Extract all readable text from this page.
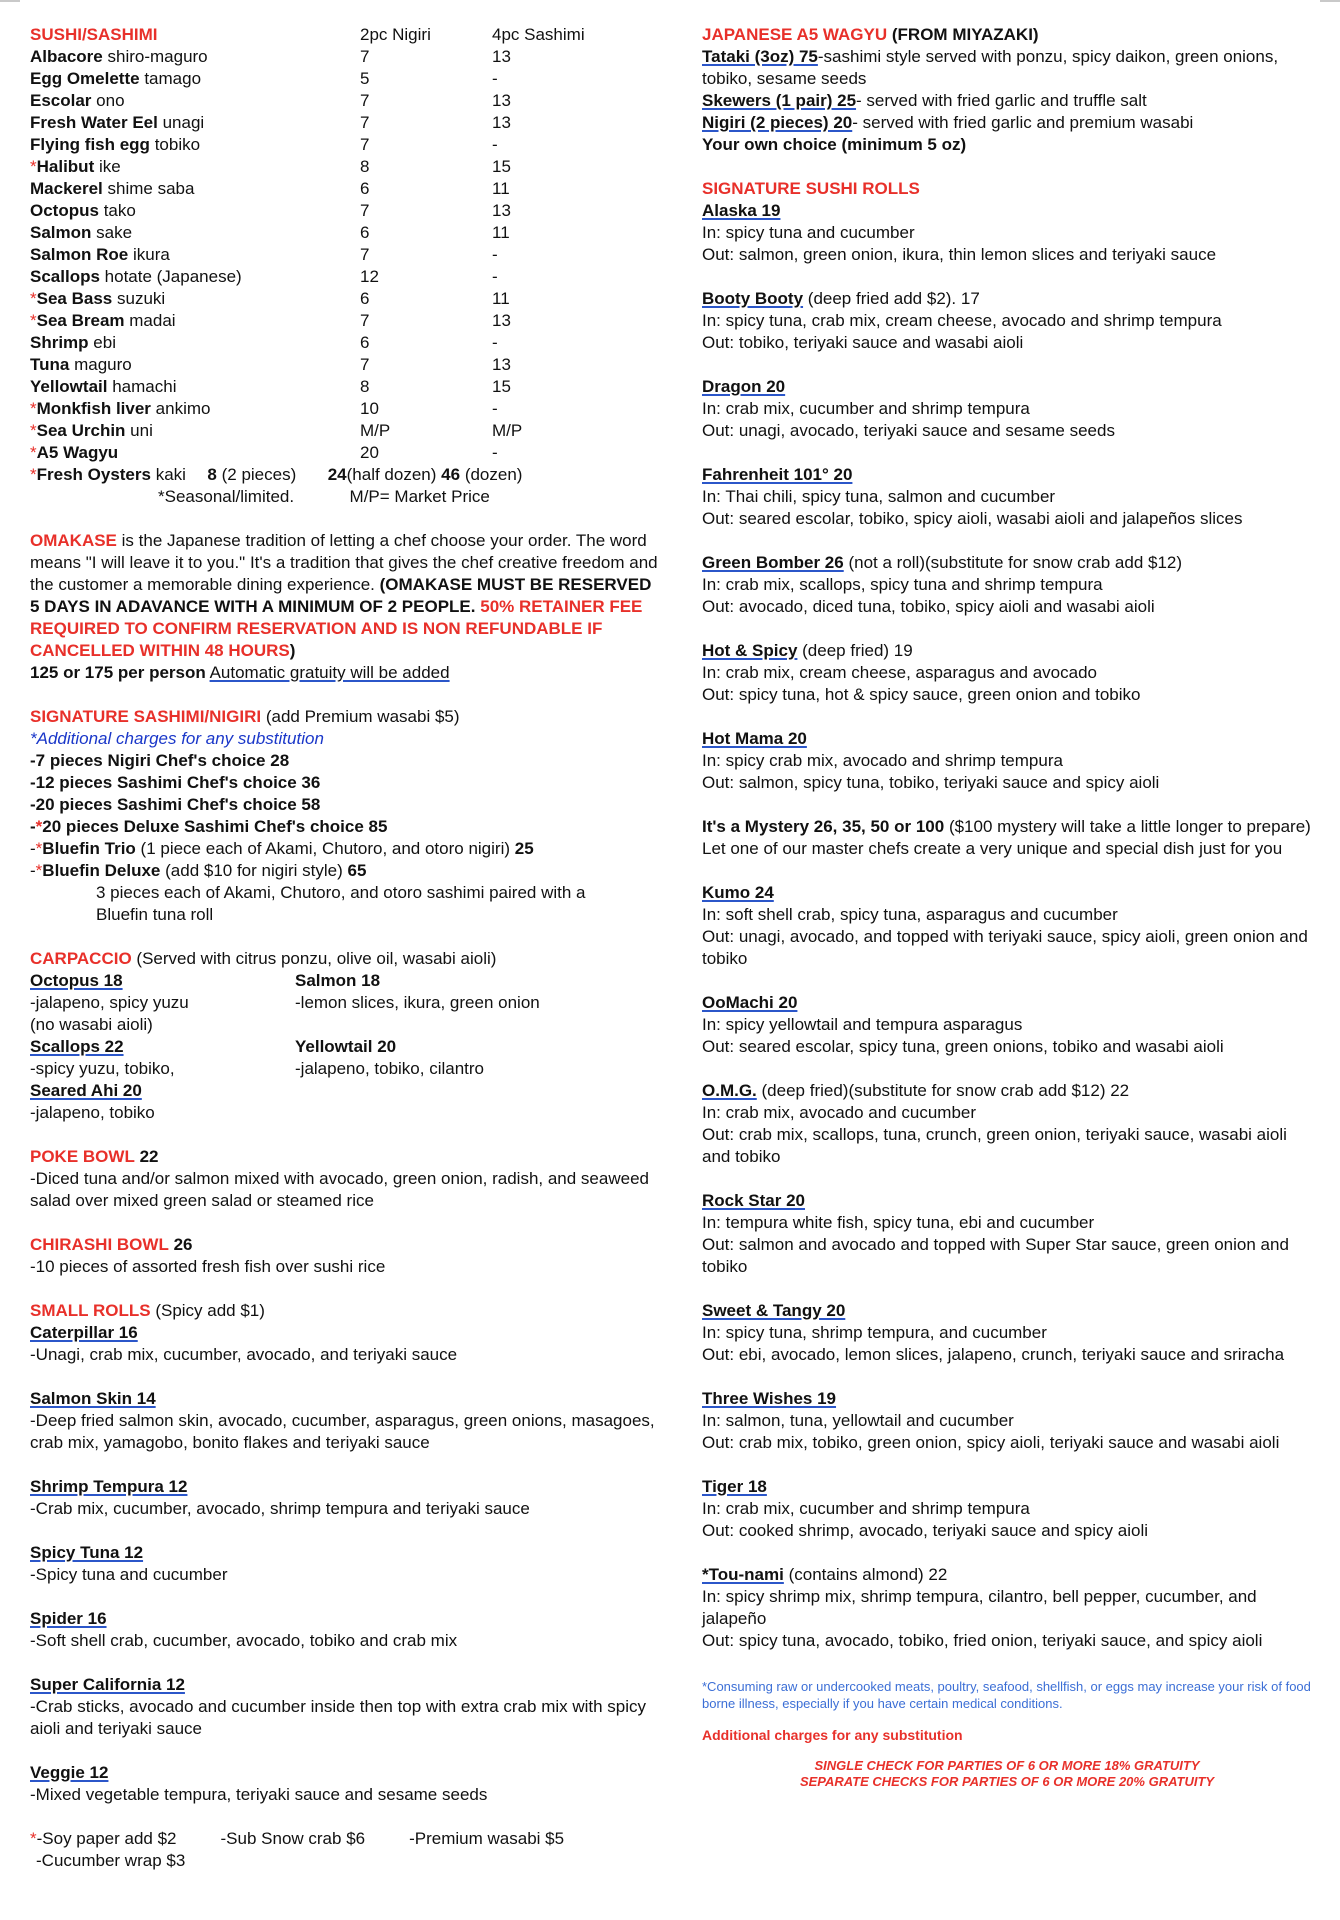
SUSHI/SASHIMI	2pc Nigiri	4pc Sashimi
Albacore shiro-maguro	7	13
Egg Omelette tamago	5	-
Escolar ono	7	13
Fresh Water Eel unagi	7	13
Flying fish egg tobiko	7	-
*Halibut ike	8	15
Mackerel shime saba	6	11
Octopus tako	7	13
Salmon sake	6	11
Salmon Roe ikura	7	-
Scallops hotate (Japanese)	12	-
*Sea Bass suzuki	6	11
*Sea Bream madai	7	13
Shrimp ebi	6	-
Tuna maguro	7	13
Yellowtail hamachi	8	15
*Monkfish liver ankimo	10	-
*Sea Urchin uni	M/P	M/P
*A5 Wagyu	20	-
*Fresh Oysters kaki 8 (2 pieces) 24(half dozen) 46 (dozen)
*Seasonal/limited.	M/P= Market Price
OMAKASE is the Japanese tradition of letting a chef choose your order. The word means "I will leave it to you." It's a tradition that gives the chef creative freedom and the customer a memorable dining experience. (OMAKASE MUST BE RESERVED 5 DAYS IN ADAVANCE WITH A MINIMUM OF 2 PEOPLE. 50% RETAINER FEE REQUIRED TO CONFIRM RESERVATION AND IS NON REFUNDABLE IF CANCELLED WITHIN 48 HOURS)
125 or 175 per person Automatic gratuity will be added
SIGNATURE SASHIMI/NIGIRI (add Premium wasabi $5)
*Additional charges for any substitution
-7 pieces Nigiri Chef's choice 28
-12 pieces Sashimi Chef's choice 36
-20 pieces Sashimi Chef's choice 58
-*20 pieces Deluxe Sashimi Chef's choice 85
-*Bluefin Trio (1 piece each of Akami, Chutoro, and otoro nigiri) 25
-*Bluefin Deluxe (add $10 for nigiri style) 65
3 pieces each of Akami, Chutoro, and otoro sashimi paired with a Bluefin tuna roll
CARPACCIO (Served with citrus ponzu, olive oil, wasabi aioli)
Octopus 18	Salmon 18
-jalapeno, spicy yuzu	-lemon slices, ikura, green onion
(no wasabi aioli)
Scallops 22	Yellowtail 20
-spicy yuzu, tobiko,	-jalapeno, tobiko, cilantro
Seared Ahi 20
-jalapeno, tobiko
POKE BOWL 22
-Diced tuna and/or salmon mixed with avocado, green onion, radish, and seaweed salad over mixed green salad or steamed rice
CHIRASHI BOWL 26
-10 pieces of assorted fresh fish over sushi rice
SMALL ROLLS (Spicy add $1)
Caterpillar 16
-Unagi, crab mix, cucumber, avocado, and teriyaki sauce
Salmon Skin 14
-Deep fried salmon skin, avocado, cucumber, asparagus, green onions, masagoes, crab mix, yamagobo, bonito flakes and teriyaki sauce
Shrimp Tempura 12
-Crab mix, cucumber, avocado, shrimp tempura and teriyaki sauce
Spicy Tuna 12
-Spicy tuna and cucumber
Spider 16
-Soft shell crab, cucumber, avocado, tobiko and crab mix
Super California 12
-Crab sticks, avocado and cucumber inside then top with extra crab mix with spicy aioli and teriyaki sauce
Veggie 12
-Mixed vegetable tempura, teriyaki sauce and sesame seeds
*-Soy paper add $2	-Sub Snow crab $6	-Premium wasabi $5
-Cucumber wrap $3
JAPANESE A5 WAGYU (FROM MIYAZAKI)
Tataki (3oz) 75-sashimi style served with ponzu, spicy daikon, green onions, tobiko, sesame seeds
Skewers (1 pair) 25- served with fried garlic and truffle salt
Nigiri (2 pieces) 20- served with fried garlic and premium wasabi
Your own choice (minimum 5 oz)
SIGNATURE SUSHI ROLLS
Alaska 19
In: spicy tuna and cucumber
Out: salmon, green onion, ikura, thin lemon slices and teriyaki sauce
Booty Booty (deep fried add $2). 17
In: spicy tuna, crab mix, cream cheese, avocado and shrimp tempura
Out: tobiko, teriyaki sauce and wasabi aioli
Dragon 20
In: crab mix, cucumber and shrimp tempura
Out: unagi, avocado, teriyaki sauce and sesame seeds
Fahrenheit 101° 20
In: Thai chili, spicy tuna, salmon and cucumber
Out: seared escolar, tobiko, spicy aioli, wasabi aioli and jalapeños slices
Green Bomber 26 (not a roll)(substitute for snow crab add $12)
In: crab mix, scallops, spicy tuna and shrimp tempura
Out: avocado, diced tuna, tobiko, spicy aioli and wasabi aioli
Hot & Spicy (deep fried) 19
In: crab mix, cream cheese, asparagus and avocado
Out: spicy tuna, hot & spicy sauce, green onion and tobiko
Hot Mama 20
In: spicy crab mix, avocado and shrimp tempura
Out: salmon, spicy tuna, tobiko, teriyaki sauce and spicy aioli
It's a Mystery 26, 35, 50 or 100 ($100 mystery will take a little longer to prepare)
Let one of our master chefs create a very unique and special dish just for you
Kumo 24
In: soft shell crab, spicy tuna, asparagus and cucumber
Out: unagi, avocado, and topped with teriyaki sauce, spicy aioli, green onion and tobiko
OoMachi 20
In: spicy yellowtail and tempura asparagus
Out: seared escolar, spicy tuna, green onions, tobiko and wasabi aioli
O.M.G. (deep fried)(substitute for snow crab add $12) 22
In: crab mix, avocado and cucumber
Out: crab mix, scallops, tuna, crunch, green onion, teriyaki sauce, wasabi aioli and tobiko
Rock Star 20
In: tempura white fish, spicy tuna, ebi and cucumber
Out: salmon and avocado and topped with Super Star sauce, green onion and tobiko
Sweet & Tangy 20
In: spicy tuna, shrimp tempura, and cucumber
Out: ebi, avocado, lemon slices, jalapeno, crunch, teriyaki sauce and sriracha
Three Wishes 19
In: salmon, tuna, yellowtail and cucumber
Out: crab mix, tobiko, green onion, spicy aioli, teriyaki sauce and wasabi aioli
Tiger 18
In: crab mix, cucumber and shrimp tempura
Out: cooked shrimp, avocado, teriyaki sauce and spicy aioli
*Tou-nami (contains almond) 22
In: spicy shrimp mix, shrimp tempura, cilantro, bell pepper, cucumber, and jalapeño
Out: spicy tuna, avocado, tobiko, fried onion, teriyaki sauce, and spicy aioli
*Consuming raw or undercooked meats, poultry, seafood, shellfish, or eggs may increase your risk of food borne illness, especially if you have certain medical conditions.
Additional charges for any substitution
SINGLE CHECK FOR PARTIES OF 6 OR MORE 18% GRATUITY
SEPARATE CHECKS FOR PARTIES OF 6 OR MORE 20% GRATUITY
